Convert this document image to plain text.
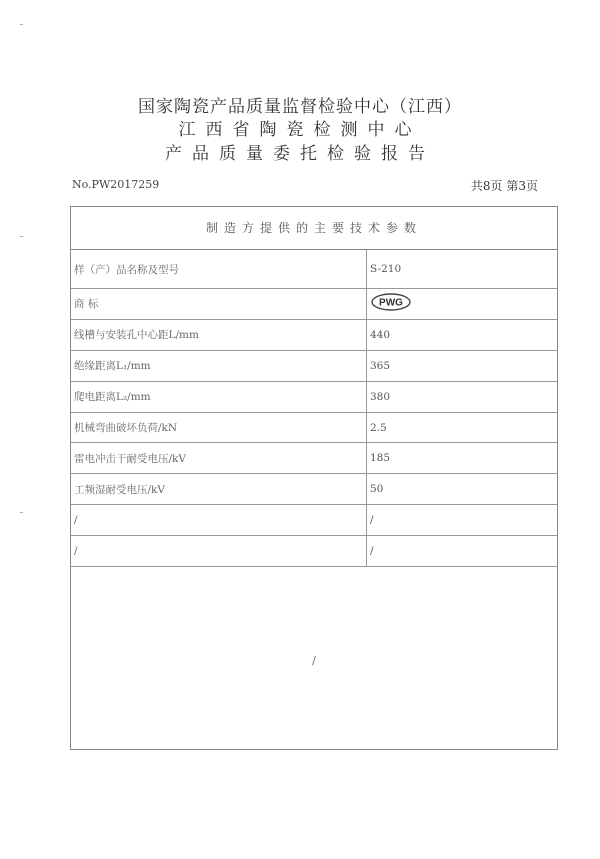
国家陶瓷产品质量监督检验中心（江西）
江西省陶瓷检测中心
产品质量委托检验报告
No.PW2017259	共8页 第3页
制造方提供的主要技术参数
样（产）品名称及型号	S-210
商 标	PWG

线槽与安装孔中心距L/mm	440
绝缘距离L₁/mm	365
爬电距离L₂/mm	380
机械弯曲破坏负荷/kN	2.5
雷电冲击干耐受电压/kV	185
工频湿耐受电压/kV	50
/	/
/	/
/
